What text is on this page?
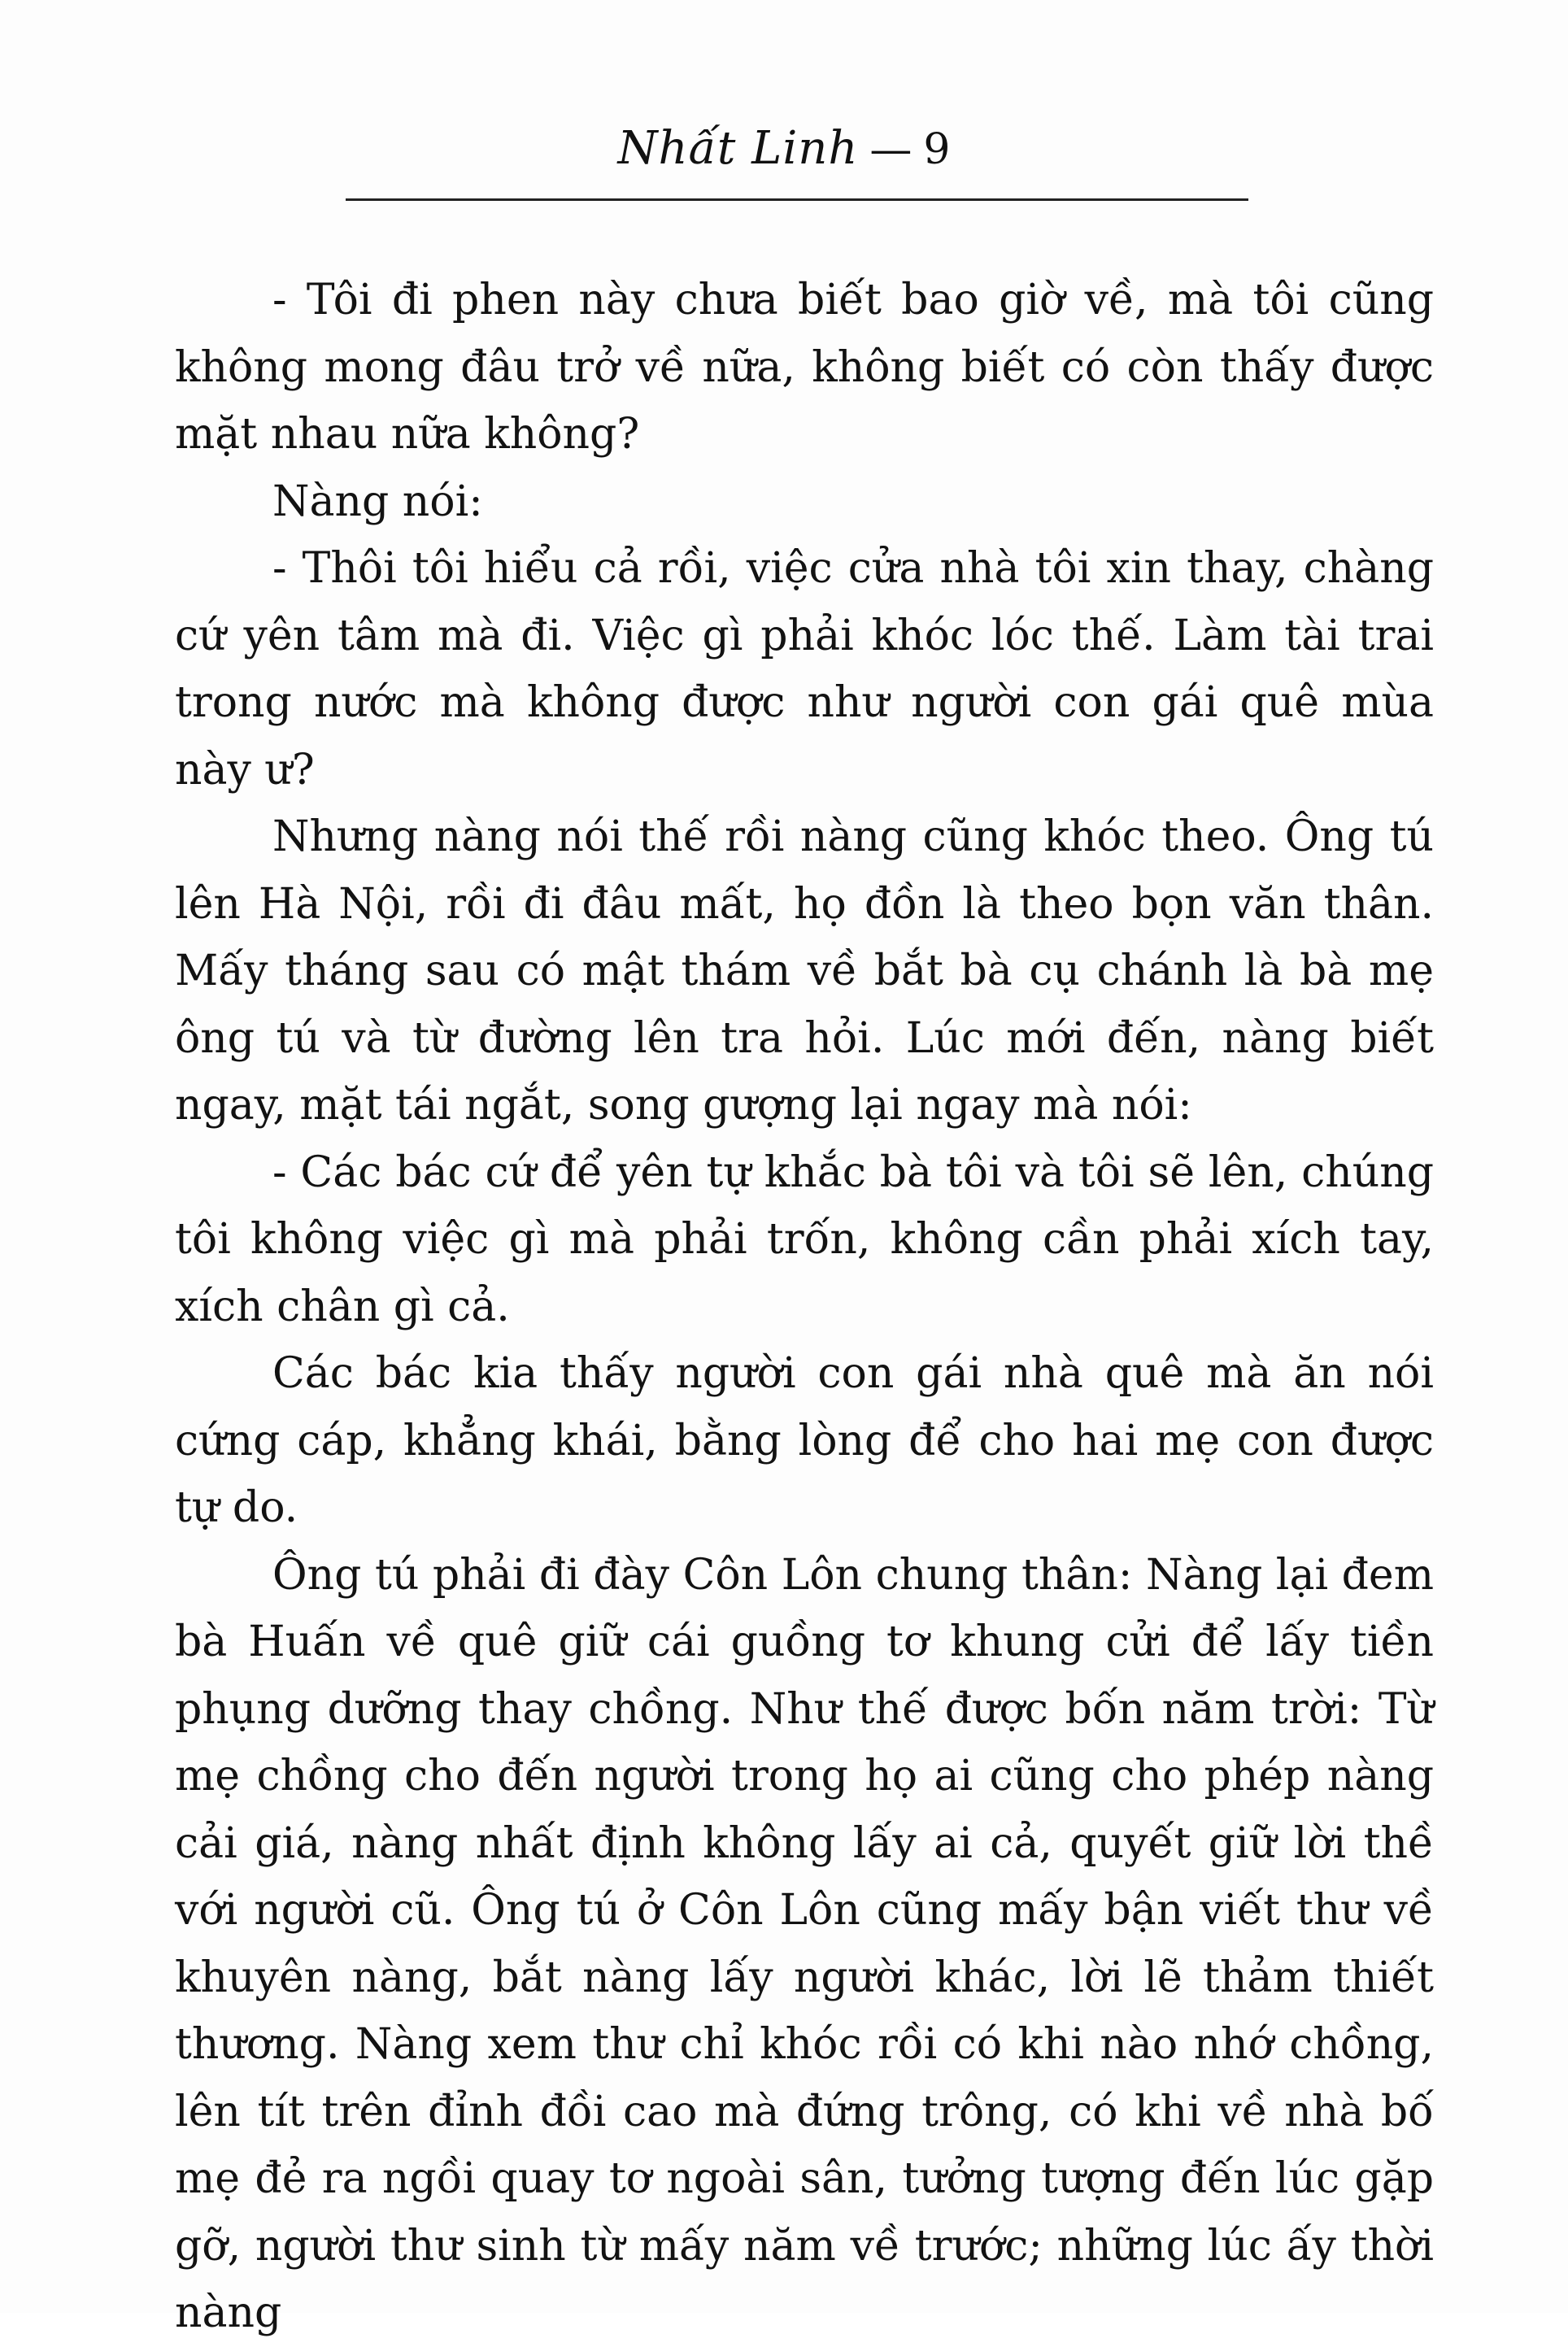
Nhất Linh — 9

- Tôi đi phen này chưa biết bao giờ về, mà tôi cũng không mong đâu trở về nữa, không biết có còn thấy được mặt nhau nữa không?

Nàng nói:

- Thôi tôi hiểu cả rồi, việc cửa nhà tôi xin thay, chàng cứ yên tâm mà đi. Việc gì phải khóc lóc thế. Làm tài trai trong nước mà không được như người con gái quê mùa này ư?

Nhưng nàng nói thế rồi nàng cũng khóc theo. Ông tú lên Hà Nội, rồi đi đâu mất, họ đồn là theo bọn văn thân. Mấy tháng sau có mật thám về bắt bà cụ chánh là bà mẹ ông tú và từ đường lên tra hỏi. Lúc mới đến, nàng biết ngay, mặt tái ngắt, song gượng lại ngay mà nói:

- Các bác cứ để yên tự khắc bà tôi và tôi sẽ lên, chúng tôi không việc gì mà phải trốn, không cần phải xích tay, xích chân gì cả.

Các bác kia thấy người con gái nhà quê mà ăn nói cứng cáp, khẳng khái, bằng lòng để cho hai mẹ con được tự do.

Ông tú phải đi đày Côn Lôn chung thân: Nàng lại đem bà Huấn về quê giữ cái guồng tơ khung cửi để lấy tiền phụng dưỡng thay chồng. Như thế được bốn năm trời: Từ mẹ chồng cho đến người trong họ ai cũng cho phép nàng cải giá, nàng nhất định không lấy ai cả, quyết giữ lời thề với người cũ. Ông tú ở Côn Lôn cũng mấy bận viết thư về khuyên nàng, bắt nàng lấy người khác, lời lẽ thảm thiết thương. Nàng xem thư chỉ khóc rồi có khi nào nhớ chồng, lên tít trên đỉnh đồi cao mà đứng trông, có khi về nhà bố mẹ đẻ ra ngồi quay tơ ngoài sân, tưởng tượng đến lúc gặp gỡ, người thư sinh từ mấy năm về trước; những lúc ấy thời nàng
